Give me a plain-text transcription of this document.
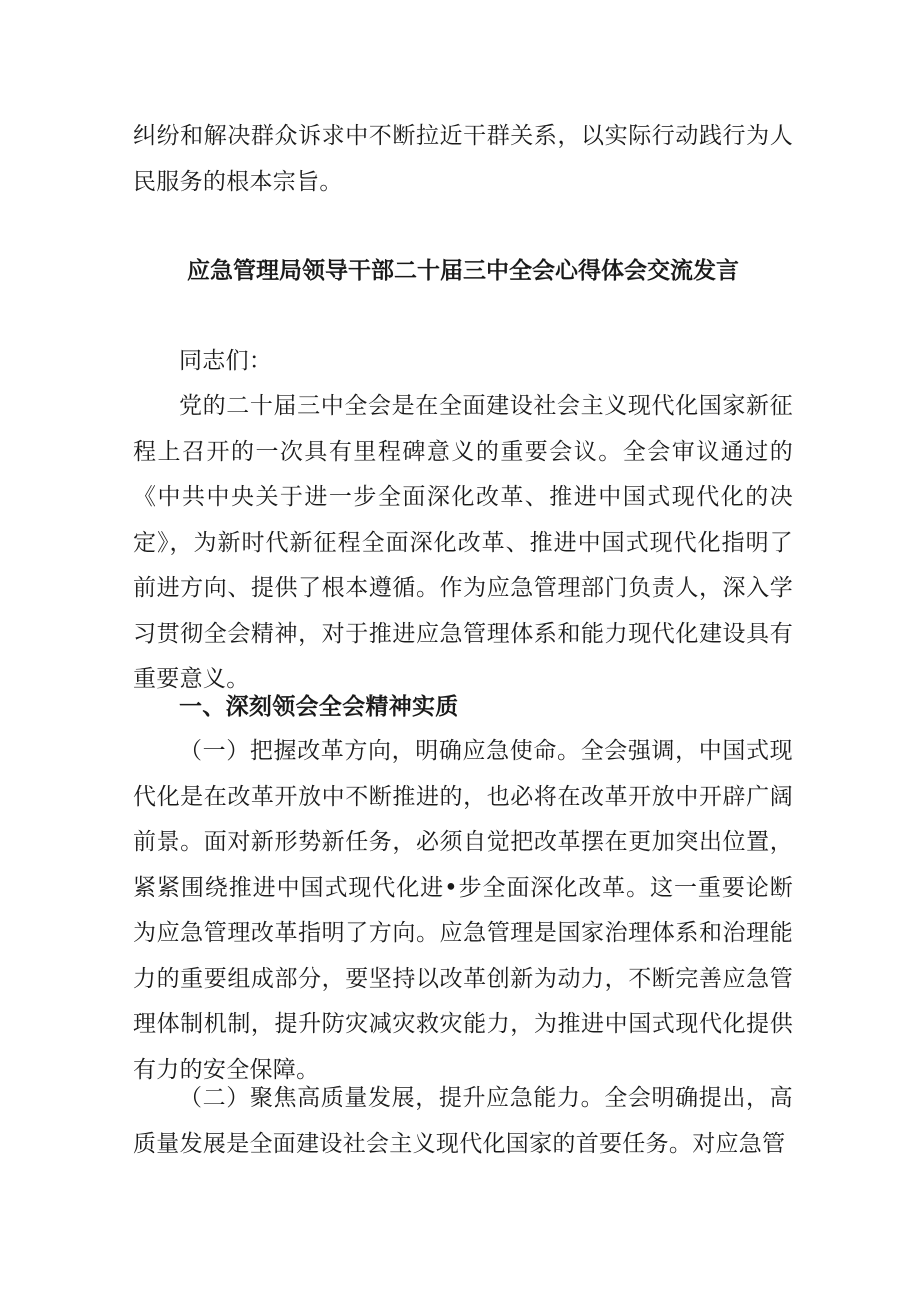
纠纷和解决群众诉求中不断拉近干群关系，以实际行动践行为人民服务的根本宗旨。

应急管理局领导干部二十届三中全会心得体会交流发言

同志们：

党的二十届三中全会是在全面建设社会主义现代化国家新征程上召开的一次具有里程碑意义的重要会议。全会审议通过的《中共中央关于进一步全面深化改革、推进中国式现代化的决定》，为新时代新征程全面深化改革、推进中国式现代化指明了前进方向、提供了根本遵循。作为应急管理部门负责人，深入学习贯彻全会精神，对于推进应急管理体系和能力现代化建设具有重要意义。

一、深刻领会全会精神实质

（一）把握改革方向，明确应急使命。全会强调，中国式现代化是在改革开放中不断推进的，也必将在改革开放中开辟广阔前景。面对新形势新任务，必须自觉把改革摆在更加突出位置，紧紧围绕推进中国式现代化进•步全面深化改革。这一重要论断为应急管理改革指明了方向。应急管理是国家治理体系和治理能力的重要组成部分，要坚持以改革创新为动力，不断完善应急管理体制机制，提升防灾减灾救灾能力，为推进中国式现代化提供有力的安全保障。

（二）聚焦高质量发展，提升应急能力。全会明确提出，高质量发展是全面建设社会主义现代化国家的首要任务。对应急管
